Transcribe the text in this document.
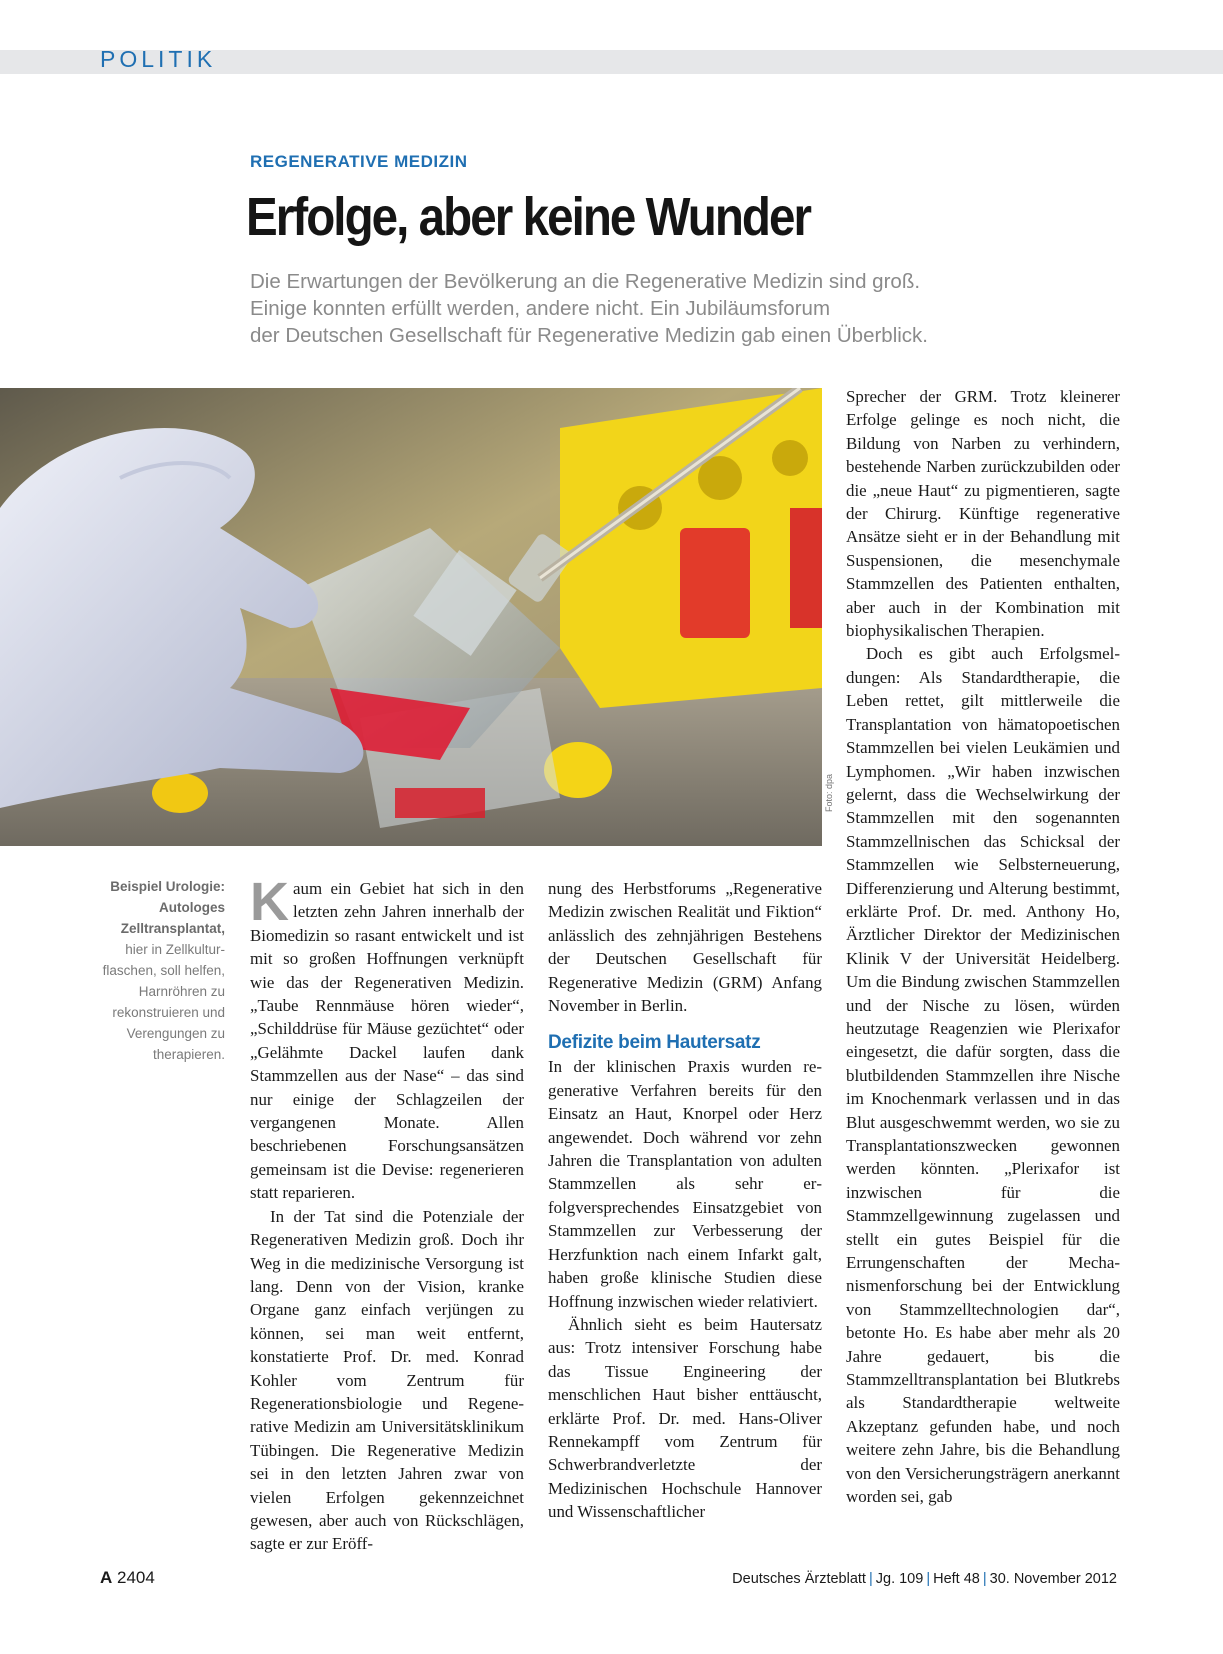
POLITIK
REGENERATIVE MEDIZIN
Erfolge, aber keine Wunder
Die Erwartungen der Bevölkerung an die Regenerative Medizin sind groß.
Einige konnten erfüllt werden, andere nicht. Ein Jubiläumsforum
der Deutschen Gesellschaft für Regenerative Medizin gab einen Überblick.
Foto: dpa
Beispiel Urologie:
Autologes
Zelltransplantat,
hier in Zellkultur-
flaschen, soll helfen,
Harnröhren zu
rekonstruieren und
Verengungen zu
therapieren.

Kaum ein Gebiet hat sich in den letzten zehn Jahren innerhalb der Biomedizin so rasant entwickelt und ist mit so großen Hoffnungen verknüpft wie das der Regenerativen Medizin. „Taube Rennmäuse hören wieder“, „Schilddrüse für Mäuse gezüchtet“ oder „Gelähmte Dackel laufen dank Stammzellen aus der Nase“ – das sind nur einige der Schlagzeilen der vergangenen Monate. Allen beschriebenen Forschungsansätzen gemeinsam ist die Devise: regenerieren statt reparieren.

In der Tat sind die Potenziale der Regenerativen Medizin groß. Doch ihr Weg in die medizinische Versorgung ist lang. Denn von der Vision, kranke Organe ganz einfach verjüngen zu können, sei man weit entfernt, konstatierte Prof. Dr. med. Konrad Kohler vom Zentrum für Regenerationsbiologie und Regenerative Medizin am Universitätsklinikum Tübingen. Die Regenerative Medizin sei in den letzten Jahren zwar von vielen Erfolgen gekennzeichnet gewesen, aber auch von Rückschlägen, sagte er zur Eröff-

nung des Herbstforums „Regenerative Medizin zwischen Realität und Fiktion“ anlässlich des zehnjährigen Bestehens der Deutschen Gesellschaft für Regenerative Medizin (GRM) Anfang November in Berlin.

Defizite beim Hautersatz

In der klinischen Praxis wurden regenerative Verfahren bereits für den Einsatz an Haut, Knorpel oder Herz angewendet. Doch während vor zehn Jahren die Transplantation von adulten Stammzellen als sehr erfolgversprechendes Einsatzgebiet von Stammzellen zur Verbesserung der Herzfunktion nach einem Infarkt galt, haben große klinische Studien diese Hoffnung inzwischen wieder relativiert.

Ähnlich sieht es beim Hautersatz aus: Trotz intensiver Forschung habe das Tissue Engineering der menschlichen Haut bisher enttäuscht, erklärte Prof. Dr. med. Hans-Oliver Rennekampff vom Zentrum für Schwerbrandverletzte der Medizinischen Hochschule Hannover und Wissenschaftlicher

Sprecher der GRM. Trotz kleinerer Erfolge gelinge es noch nicht, die Bildung von Narben zu verhindern, bestehende Narben zurückzubilden oder die „neue Haut“ zu pigmentieren, sagte der Chirurg. Künftige regenerative Ansätze sieht er in der Behandlung mit Suspensionen, die mesenchymale Stammzellen des Patienten enthalten, aber auch in der Kombination mit biophysikalischen Therapien.

Doch es gibt auch Erfolgsmeldungen: Als Standardtherapie, die Leben rettet, gilt mittlerweile die Transplantation von hämatopoetischen Stammzellen bei vielen Leukämien und Lymphomen. „Wir haben inzwischen gelernt, dass die Wechselwirkung der Stammzellen mit den sogenannten Stammzellnischen das Schicksal der Stammzellen wie Selbsterneuerung, Differenzierung und Alterung bestimmt, erklärte Prof. Dr. med. Anthony Ho, Ärztlicher Direktor der Medizinischen Klinik V der Universität Heidelberg. Um die Bindung zwischen Stammzellen und der Nische zu lösen, würden heutzutage Reagenzien wie Plerixafor eingesetzt, die dafür sorgten, dass die blutbildenden Stammzellen ihre Nische im Knochenmark verlassen und in das Blut ausgeschwemmt werden, wo sie zu Transplantationszwecken gewonnen werden könnten. „Plerixafor ist inzwischen für die Stammzellgewinnung zugelassen und stellt ein gutes Beispiel für die Errungenschaften der Mechanismenforschung bei der Entwicklung von Stammzelltechnologien dar“, betonte Ho. Es habe aber mehr als 20 Jahre gedauert, bis die Stammzelltransplantation bei Blutkrebs als Standardtherapie weltweite Akzeptanz gefunden habe, und noch weitere zehn Jahre, bis die Behandlung von den Versicherungsträgern anerkannt worden sei, gab

A 2404	Deutsches Ärzteblatt | Jg. 109 | Heft 48 | 30. November 2012
